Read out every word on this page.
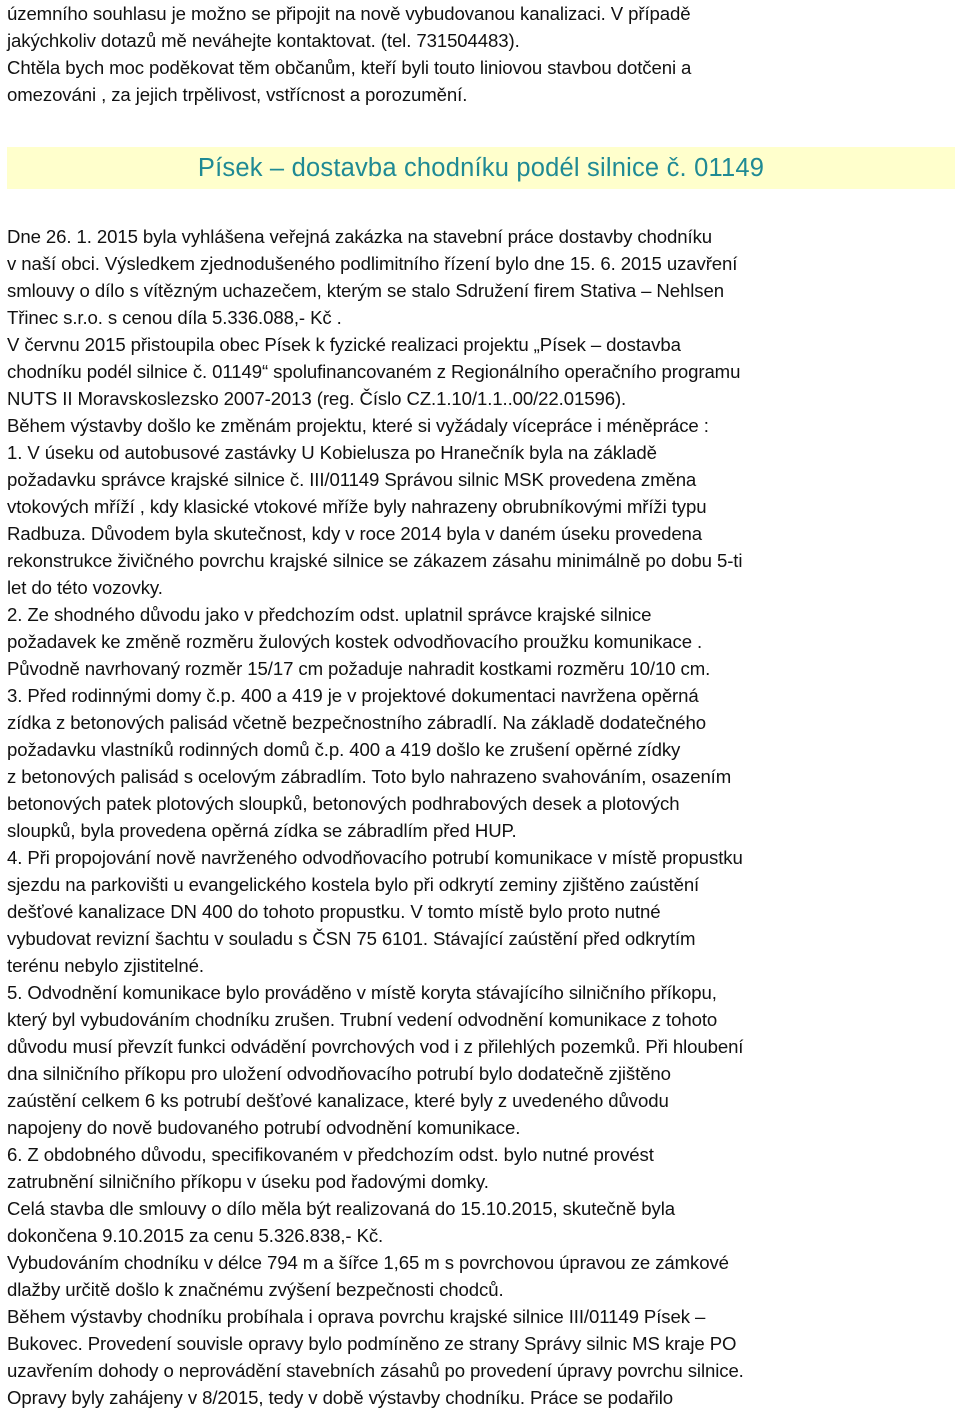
územního souhlasu je možno se připojit na nově vybudovanou kanalizaci. V případě
jakýchkoliv dotazů mě neváhejte kontaktovat. (tel. 731504483).
Chtěla bych moc poděkovat těm občanům, kteří byli touto liniovou stavbou dotčeni a
omezováni , za jejich trpělivost, vstřícnost a porozumění.
Písek – dostavba chodníku podél silnice č. 01149
Dne 26. 1. 2015 byla vyhlášena veřejná zakázka na stavební práce dostavby chodníku
v naší obci. Výsledkem zjednodušeného podlimitního řízení bylo dne 15. 6. 2015 uzavření
smlouvy o dílo s vítězným uchazečem, kterým se stalo Sdružení firem Stativa – Nehlsen
Třinec s.r.o. s cenou díla 5.336.088,- Kč .
V červnu 2015 přistoupila obec Písek k fyzické realizaci projektu „Písek – dostavba
chodníku podél silnice č. 01149“ spolufinancovaném z Regionálního operačního programu
NUTS II Moravskoslezsko 2007-2013 (reg. Číslo CZ.1.10/1.1..00/22.01596).
Během výstavby došlo ke změnám projektu, které si vyžádaly vícepráce i méněpráce :
1. V úseku od autobusové zastávky U Kobielusza po Hraneční​k byla na základě
požadavku správce krajské silnice č. III/01149 Správou silnic MSK provedena změna
vtokových mříží , kdy klasické vtokové mříže byly nahrazeny obrubníkovými mříži typu
Radbuza. Důvodem byla skutečnost, kdy v roce 2014 byla v daném úseku provedena
rekonstrukce živičného povrchu krajské silnice se zákazem zásahu minimálně po dobu 5-ti
let do této vozovky.
2. Ze shodného důvodu jako v předchozím odst. uplatnil správce krajské silnice
požadavek ke změně rozměru žulových kostek odvodňovacího proužku komunikace .
Původně navrhovaný rozměr 15/17 cm požaduje nahradit kostkami rozměru 10/10 cm.
3. Před rodinnými domy č.p. 400 a 419 je v projektové dokumentaci navržena opěrná
zídka z betonových palisád včetně bezpečnostního zábradlí. Na základě dodatečného
požadavku vlastníků rodinných domů č.p. 400 a 419 došlo ke zrušení opěrné zídky
z betonových palisád s ocelovým zábradlím. Toto bylo nahrazeno svahováním, osazením
betonových patek plotových sloupků, betonových podhrabových desek a plotových
sloupků, byla provedena opěrná zídka se zábradlím před HUP.
4. Při propojování nově navrženého odvodňovacího potrubí komunikace v místě propustku
sjezdu na parkovišti u evangelického kostela bylo při odkrytí zeminy zjištěno zaústění
dešťové kanalizace DN 400 do tohoto propustku. V tomto místě bylo proto nutné
vybudovat revizní šachtu v souladu s ČSN 75 6101. Stávající zaústění před odkrytím
terénu nebylo zjistitelné.
5. Odvodnění komunikace bylo prováděno v místě koryta stávajícího silničního příkopu,
který byl vybudováním chodníku zrušen. Trubní vedení odvodnění komunikace z tohoto
důvodu musí převzít funkci odvádění povrchových vod i z přilehlých pozemků. Při hloubení
dna silničního příkopu pro uložení odvodňovacího potrubí bylo dodatečně zjištěno
zaústění celkem 6 ks potrubí dešťové kanalizace, které byly z uvedeného důvodu
napojeny do nově budovaného potrubí odvodnění komunikace.
6. Z obdobného důvodu, specifikovaném v předchozím odst. bylo nutné provést
zatrubnění silničního příkopu v úseku pod řadovými domky.
Celá stavba dle smlouvy o dílo měla být realizovaná do 15.10.2015, skutečně byla
dokončena 9.10.2015 za cenu 5.326.838,- Kč.
Vybudováním chodníku v délce 794 m a šířce 1,65 m s povrchovou úpravou ze zámkové
dlažby určitě došlo k značnému zvýšení bezpečnosti chodců.
Během výstavby chodníku probíhala i oprava povrchu krajské silnice III/01149 Písek –
Bukovec. Provedení souvisle opravy bylo podmíněno ze strany Správy silnic MS kraje PO
uzavřením dohody o neprovádění stavebních zásahů po provedení úpravy povrchu silnice.
Opravy byly zahájeny v 8/2015, tedy v době výstavby chodníku. Práce se podařilo
